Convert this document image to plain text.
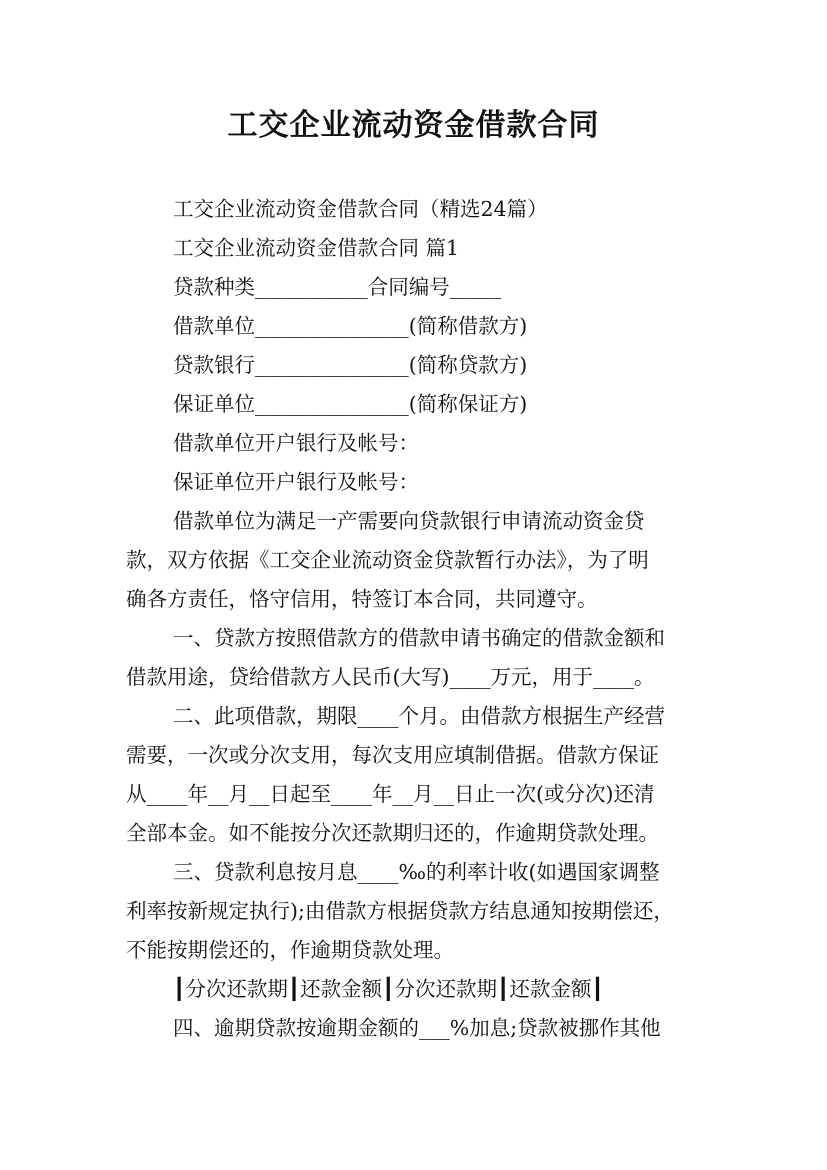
工交企业流动资金借款合同

工交企业流动资金借款合同（精选24篇）

工交企业流动资金借款合同 篇1

贷款种类___________合同编号_____

借款单位_______________(简称借款方)

贷款银行_______________(简称贷款方)

保证单位_______________(简称保证方)

借款单位开户银行及帐号：

保证单位开户银行及帐号：

借款单位为满足一产需要向贷款银行申请流动资金贷

款，双方依据《工交企业流动资金贷款暂行办法》，为了明

确各方责任，恪守信用，特签订本合同，共同遵守。

一、贷款方按照借款方的借款申请书确定的借款金额和

借款用途，贷给借款方人民币(大写)____万元，用于____。

二、此项借款，期限____个月。由借款方根据生产经营

需要，一次或分次支用，每次支用应填制借据。借款方保证

从____年__月__日起至____年__月__日止一次(或分次)还清

全部本金。如不能按分次还款期归还的，作逾期贷款处理。

三、贷款利息按月息____‰的利率计收(如遇国家调整

利率按新规定执行);由借款方根据贷款方结息通知按期偿还，

不能按期偿还的，作逾期贷款处理。

┃分次还款期┃还款金额┃分次还款期┃还款金额┃

四、逾期贷款按逾期金额的___%加息;贷款被挪作其他
